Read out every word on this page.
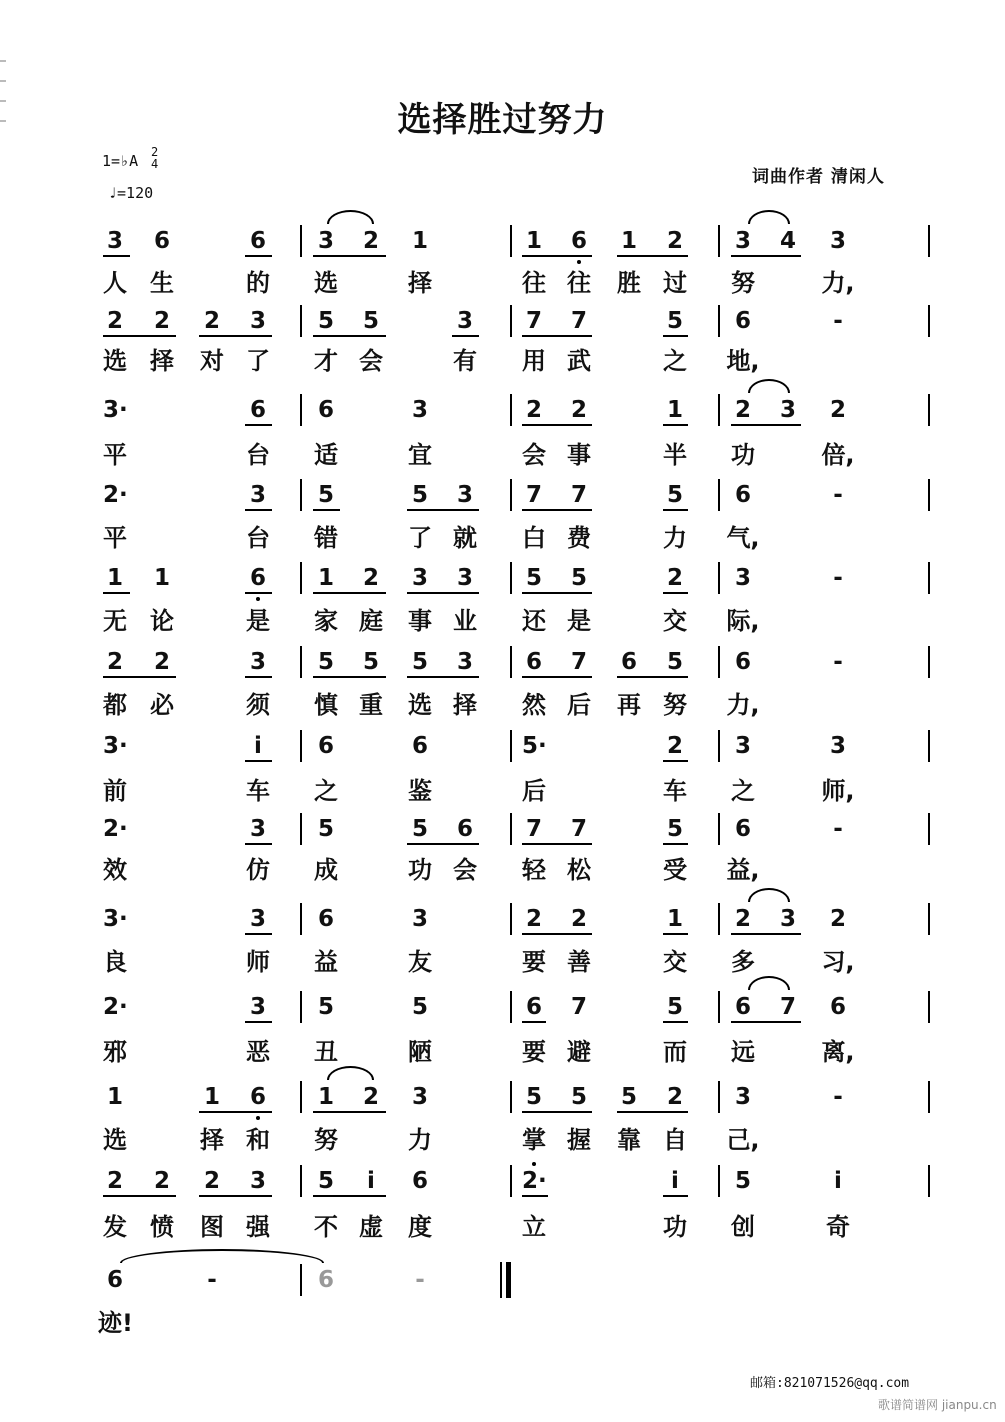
选择胜过努力
1=♭A 2
4
♩=120
词曲作者 清闲人
3 6	6 3 2 1	1 6 1 2 3 4 3
人 生	的 选	择	往 往 胜 过 努	力,
2 2 2 3 5 5	3 7 7	5 6	-
选 择 对 了 才 会	有 用 武	之 地,
3·	6 6	3	2 2	1 2 3 2
平	台 适	宜	会 事	半 功	倍,
2·	3 5	5 3 7 7	5 6	-
平	台 错	了 就 白 费	力 气,
1 1	6 1 2 3 3 5 5	2 3	-
无 论	是 家 庭 事 业 还 是	交 际,
2 2	3 5 5 5 3 6 7 6 5 6	-
都 必	须 慎 重 选 择 然 后 再 努 力,
3·	i	6	6	5·	2 3	3
前	车 之	鉴	后	车 之	师,
2·	3 5	5 6 7 7	5 6	-
效	仿 成	功 会 轻 松	受 益,
3·	3 6	3	2 2	1 2 3 2
良	师 益	友	要 善	交 多	习,
2·	3 5	5	6 7	5 6 7 6
邪	恶 丑	陋	要 避	而 远	离,
1	1 6 1 2 3	5 5 5 2 3	-
选	择 和 努	力	掌 握 靠 自 己,
2 2 2 3 5	i	6	2·	i	5	i
发 愤 图 强 不 虚 度	立	功 创	奇
6	-	6	-
迹!
邮箱:821071526@qq.com
歌谱简谱网 jianpu.cn
